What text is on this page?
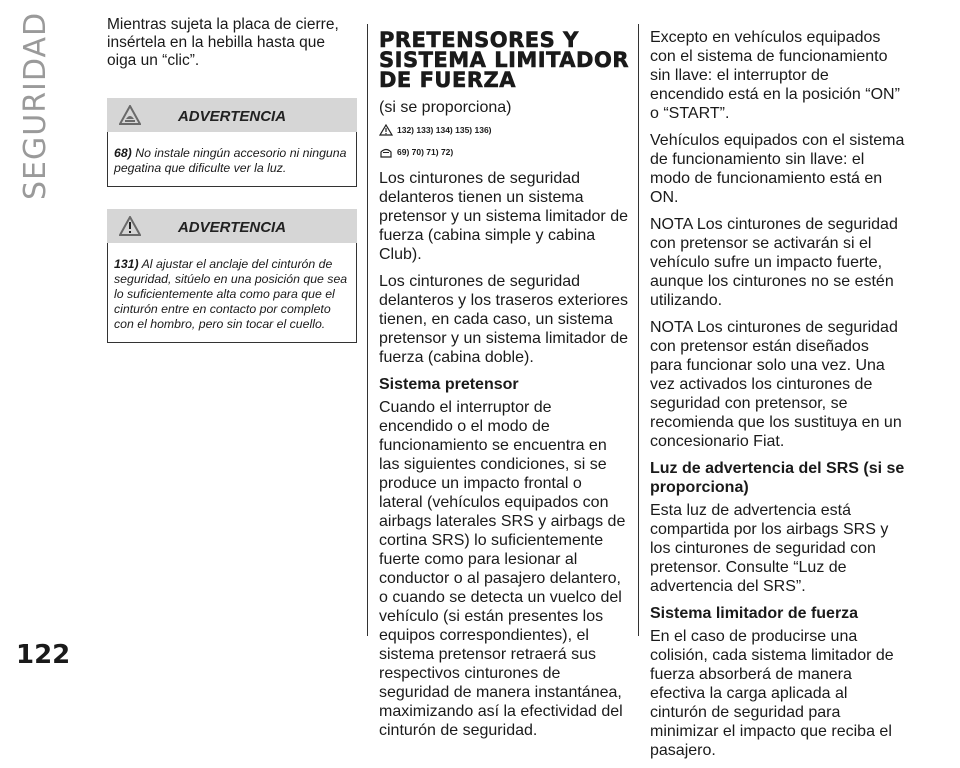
SEGURIDAD
122

Mientras sujeta la placa de cierre, insértela en la hebilla hasta que oiga un “clic”.

ADVERTENCIA
68) No instale ningún accesorio ni ninguna pegatina que dificulte ver la luz.
ADVERTENCIA
131) Al ajustar el anclaje del cinturón de seguridad, sitúelo en una posición que sea lo suficientemente alta como para que el cinturón entre en contacto por completo con el hombro, pero sin tocar el cuello.
PRETENSORES Y SISTEMA LIMITADOR DE FUERZA

(si se proporciona)

132) 133) 134) 135) 136)
69) 70) 71) 72)

Los cinturones de seguridad delanteros tienen un sistema pretensor y un sistema limitador de fuerza (cabina simple y cabina Club).

Los cinturones de seguridad delanteros y los traseros exteriores tienen, en cada caso, un sistema pretensor y un sistema limitador de fuerza (cabina doble).

Sistema pretensor

Cuando el interruptor de encendido o el modo de funcionamiento se encuentra en las siguientes condiciones, si se produce un impacto frontal o lateral (vehículos equipados con airbags laterales SRS y airbags de cortina SRS) lo suficientemente fuerte como para lesionar al conductor o al pasajero delantero, o cuando se detecta un vuelco del vehículo (si están presentes los equipos correspondientes), el sistema pretensor retraerá sus respectivos cinturones de seguridad de manera instantánea, maximizando así la efectividad del cinturón de seguridad.

Excepto en vehículos equipados con el sistema de funcionamiento sin llave: el interruptor de encendido está en la posición “ON” o “START”.

Vehículos equipados con el sistema de funcionamiento sin llave: el modo de funcionamiento está en ON.

NOTA Los cinturones de seguridad con pretensor se activarán si el vehículo sufre un impacto fuerte, aunque los cinturones no se estén utilizando.

NOTA Los cinturones de seguridad con pretensor están diseñados para funcionar solo una vez. Una vez activados los cinturones de seguridad con pretensor, se recomienda que los sustituya en un concesionario Fiat.

Luz de advertencia del SRS (si se proporciona)

Esta luz de advertencia está compartida por los airbags SRS y los cinturones de seguridad con pretensor. Consulte “Luz de advertencia del SRS”.

Sistema limitador de fuerza

En el caso de producirse una colisión, cada sistema limitador de fuerza absorberá de manera efectiva la carga aplicada al cinturón de seguridad para minimizar el impacto que reciba el pasajero.
